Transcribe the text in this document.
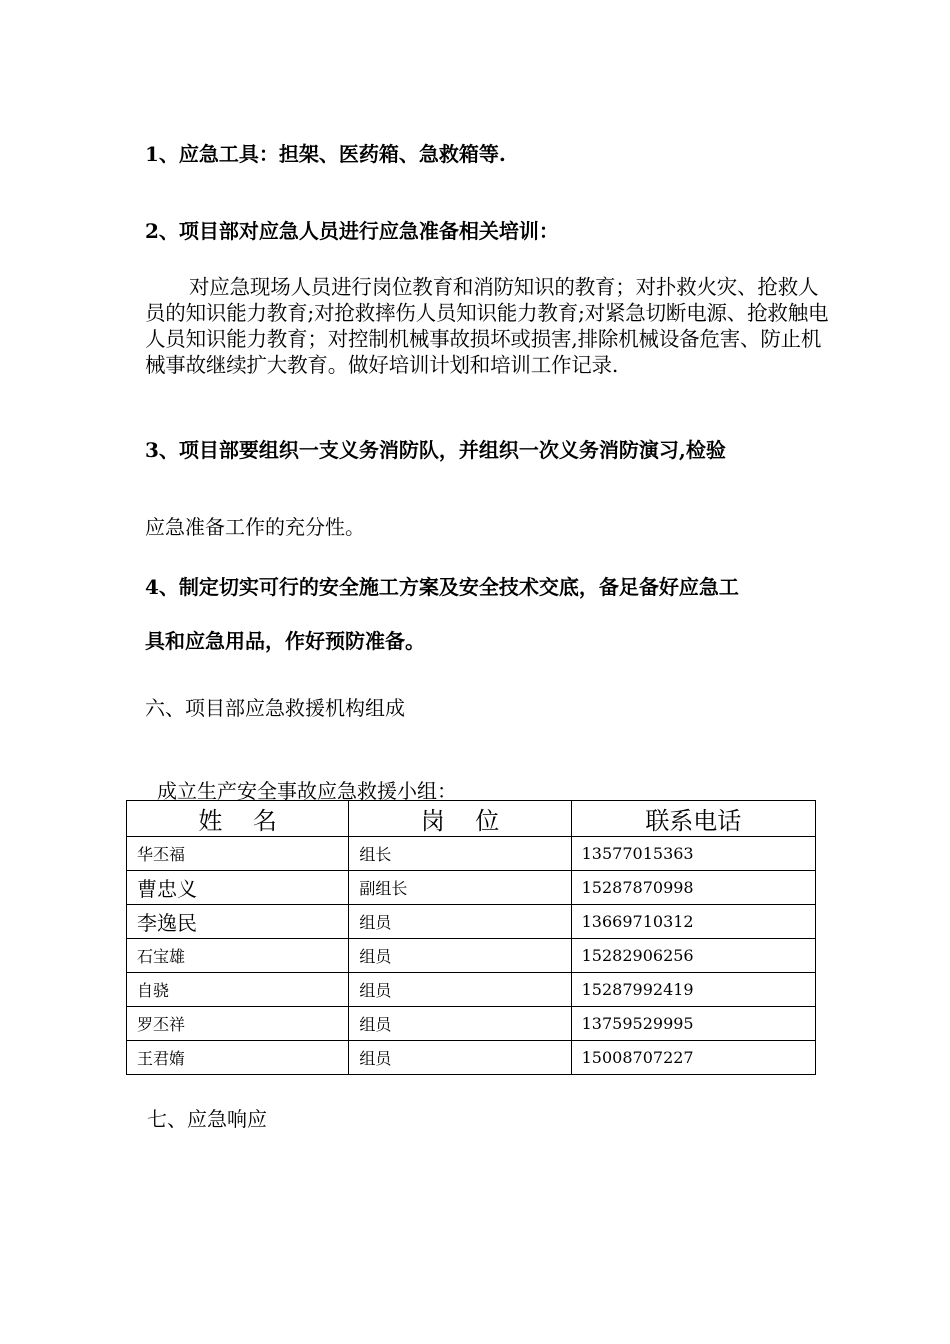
1、应急工具：担架、医药箱、急救箱等.

2、项目部对应急人员进行应急准备相关培训：

对应急现场人员进行岗位教育和消防知识的教育；对扑救火灾、抢救人员的知识能力教育;对抢救摔伤人员知识能力教育;对紧急切断电源、抢救触电人员知识能力教育；对控制机械事故损坏或损害,排除机械设备危害、防止机械事故继续扩大教育。做好培训计划和培训工作记录.

3、项目部要组织一支义务消防队，并组织一次义务消防演习,检验

应急准备工作的充分性。

4、制定切实可行的安全施工方案及安全技术交底，备足备好应急工

具和应急用品，作好预防准备。

六、项目部应急救援机构组成

成立生产安全事故应急救援小组：

姓    名	岗    位	联系电话
华丕福	组长	13577015363
曹忠义	副组长	15287870998
李逸民	组员	13669710312
石宝雄	组员	15282906256
自骁	组员	15287992419
罗丕祥	组员	13759529995
王君媠	组员	15008707227

七、应急响应
